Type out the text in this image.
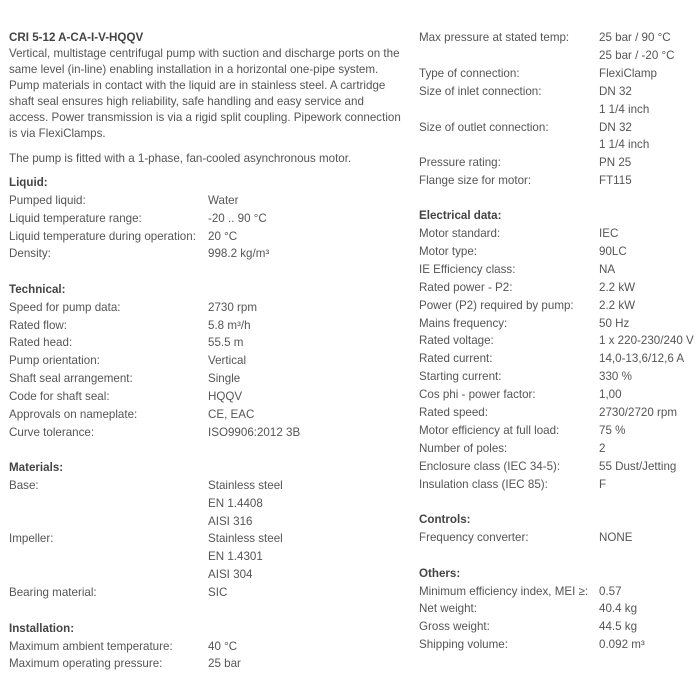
CRI 5-12 A-CA-I-V-HQQV
Vertical, multistage centrifugal pump with suction and discharge ports on the same level (in-line) enabling installation in a horizontal one-pipe system. Pump materials in contact with the liquid are in stainless steel. A cartridge shaft seal ensures high reliability, safe handling and easy service and access. Power transmission is via a rigid split coupling. Pipework connection is via FlexiClamps.
The pump is fitted with a 1-phase, fan-cooled asynchronous motor.
Liquid:
Pumped liquid:	Water
Liquid temperature range:	-20 .. 90 °C
Liquid temperature during operation: 20 °C
Density:	998.2 kg/m³
Technical:
Speed for pump data:	2730 rpm
Rated flow:	5.8 m³/h
Rated head:	55.5 m
Pump orientation:	Vertical
Shaft seal arrangement:	Single
Code for shaft seal:	HQQV
Approvals on nameplate:	CE, EAC
Curve tolerance:	ISO9906:2012 3B
Materials:
Base:	Stainless steel
EN 1.4408
AISI 316
Impeller:	Stainless steel
EN 1.4301
AISI 304
Bearing material:	SIC
Installation:
Maximum ambient temperature:	40 °C
Maximum operating pressure:	25 bar
Max pressure at stated temp:	25 bar / 90 °C
25 bar / -20 °C
Type of connection:	FlexiClamp
Size of inlet connection:	DN 32
1 1/4 inch
Size of outlet connection:	DN 32
1 1/4 inch
Pressure rating:	PN 25
Flange size for motor:	FT115
Electrical data:
Motor standard:	IEC
Motor type:	90LC
IE Efficiency class:	NA
Rated power - P2:	2.2 kW
Power (P2) required by pump: 2.2 kW
Mains frequency:	50 Hz
Rated voltage:	1 x 220-230/240 V
Rated current:	14,0-13,6/12,6 A
Starting current:	330 %
Cos phi - power factor:	1,00
Rated speed:	2730/2720 rpm
Motor efficiency at full load:	75 %
Number of poles:	2
Enclosure class (IEC 34-5):	55 Dust/Jetting
Insulation class (IEC 85):	F
Controls:
Frequency converter:	NONE
Others:
Minimum efficiency index, MEI ≥: 0.57
Net weight:	40.4 kg
Gross weight:	44.5 kg
Shipping volume:	0.092 m³
